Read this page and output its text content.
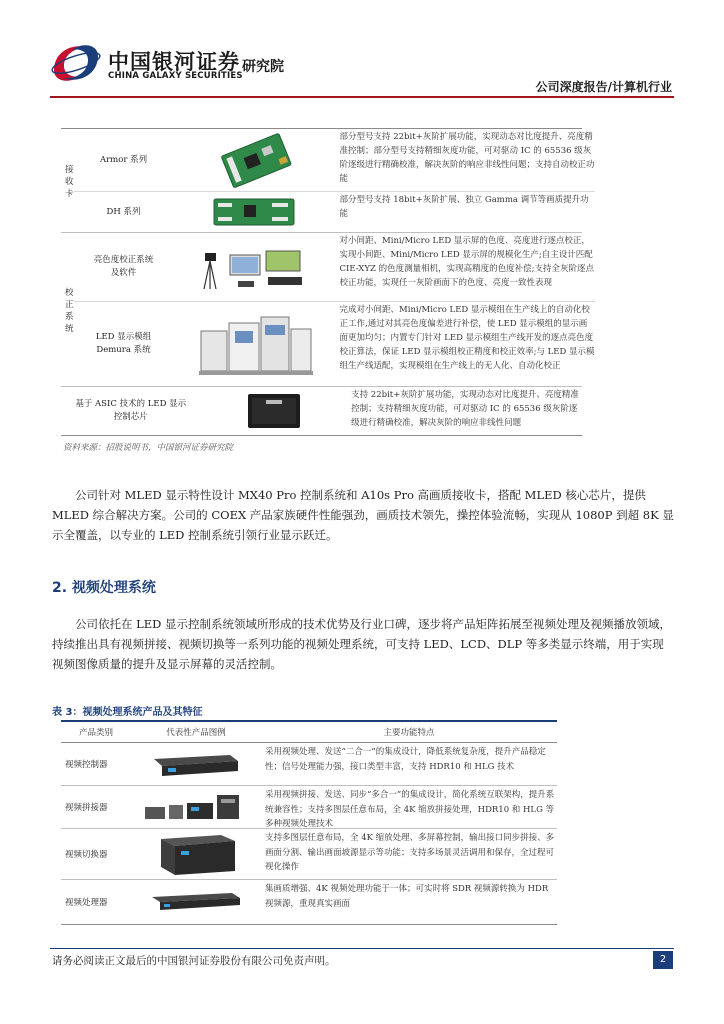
中国银河证券
CHINA GALAXY SECURITIES
研究院
公司深度报告/计算机行业
接收卡
Armor 系列
部分型号支持 22bit+灰阶扩展功能，实现动态对比度提升、亮度精准控制；部分型号支持精细灰度功能，可对驱动 IC 的 65536 级灰阶逐级进行精确校准，解决灰阶的响应非线性问题；支持自动校正功能
DH 系列
部分型号支持 18bit+灰阶扩展、独立 Gamma 调节等画质提升功能
校正系统
亮色度校正系统
及软件
对小间距、Mini/Micro LED 显示屏的色度、亮度进行逐点校正，实现小间距、Mini/Micro LED 显示屏的规模化生产;自主设计匹配 CIE-XYZ 的色度测量相机，实现高精度的色度补偿;支持全灰阶逐点校正功能，实现任一灰阶画面下的色度、亮度一致性表现
LED 显示模组
Demura 系统
完成对小间距、Mini/Micro LED 显示模组在生产线上的自动化校正工作,通过对其亮色度偏差进行补偿，使 LED 显示模组的显示画面更加均匀；内置专门针对 LED 显示模组生产线开发的逐点亮色度校正算法，保证 LED 显示模组校正精度和校正效率;与 LED 显示模组生产线适配，实现模组在生产线上的无人化、自动化校正
基于 ASIC 技术的 LED 显示
控制芯片
支持 22bit+灰阶扩展功能，实现动态对比度提升、亮度精准控制；支持精细灰度功能，可对驱动 IC 的 65536 级灰阶逐级进行精确校准，解决灰阶的响应非线性问题
资料来源：招股说明书，中国银河证券研究院
公司针对 MLED 显示特性设计 MX40 Pro 控制系统和 A10s Pro 高画质接收卡，搭配 MLED 核心芯片，提供 MLED 综合解决方案。公司的 COEX 产品家族硬件性能强劲，画质技术领先，操控体验流畅，实现从 1080P 到超 8K 显示全覆盖，以专业的 LED 控制系统引领行业显示跃迁。
2. 视频处理系统
公司依托在 LED 显示控制系统领域所形成的技术优势及行业口碑，逐步将产品矩阵拓展至视频处理及视频播放领域，持续推出具有视频拼接、视频切换等一系列功能的视频处理系统，可支持 LED、LCD、DLP 等多类显示终端，用于实现视频图像质量的提升及显示屏幕的灵活控制。
表 3：视频处理系统产品及其特征
产品类别	代表性产品图例	主要功能特点
视频控制器
采用视频处理、发送“二合一”的集成设计，降低系统复杂度，提升产品稳定性；信号处理能力强，接口类型丰富，支持 HDR10 和 HLG 技术
视频拼接器
采用视频拼接、发送、同步“多合一”的集成设计，简化系统互联架构，提升系统兼容性；支持多图层任意布局，全 4K 缩放拼接处理，HDR10 和 HLG 等多种视频处理技术
视频切换器
支持多图层任意布局，全 4K 缩放处理、多屏幕控制，输出接口同步拼接、多画面分割、输出画面坡源显示等功能；支持多场景灵活调用和保存，全过程可视化操作
视频处理器
集画质增强、4K 视频处理功能于一体；可实时将 SDR 视频源转换为 HDR 视频源，重现真实画面
请务必阅读正文最后的中国银河证券股份有限公司免责声明。	2
